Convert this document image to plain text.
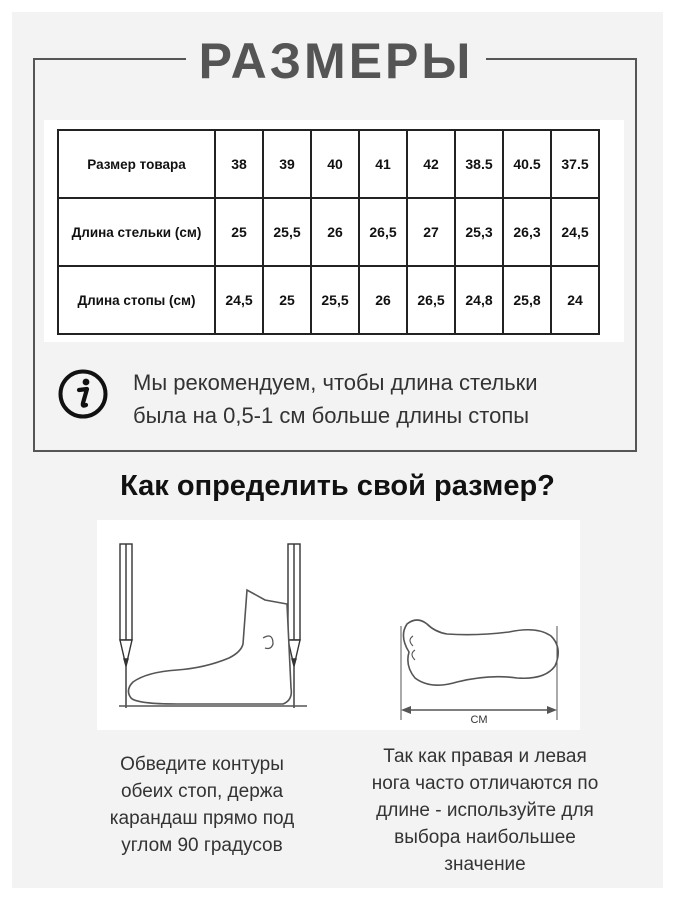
РАЗМЕРЫ
Размер товара	38	39	40	41	42	38.5	40.5	37.5
Длина стельки (см)	25	25,5	26	26,5	27	25,3	26,3	24,5
Длина стопы (см)	24,5	25	25,5	26	26,5	24,8	25,8	24
Мы рекомендуем, чтобы длина стельки
была на 0,5-1 см больше длины стопы
Как определить свой размер?
СМ
Обведите контуры
обеих стоп, держа
карандаш прямо под
углом 90 градусов
Так как правая и левая
нога часто отличаются по
длине - используйте для
выбора наибольшее
значение
